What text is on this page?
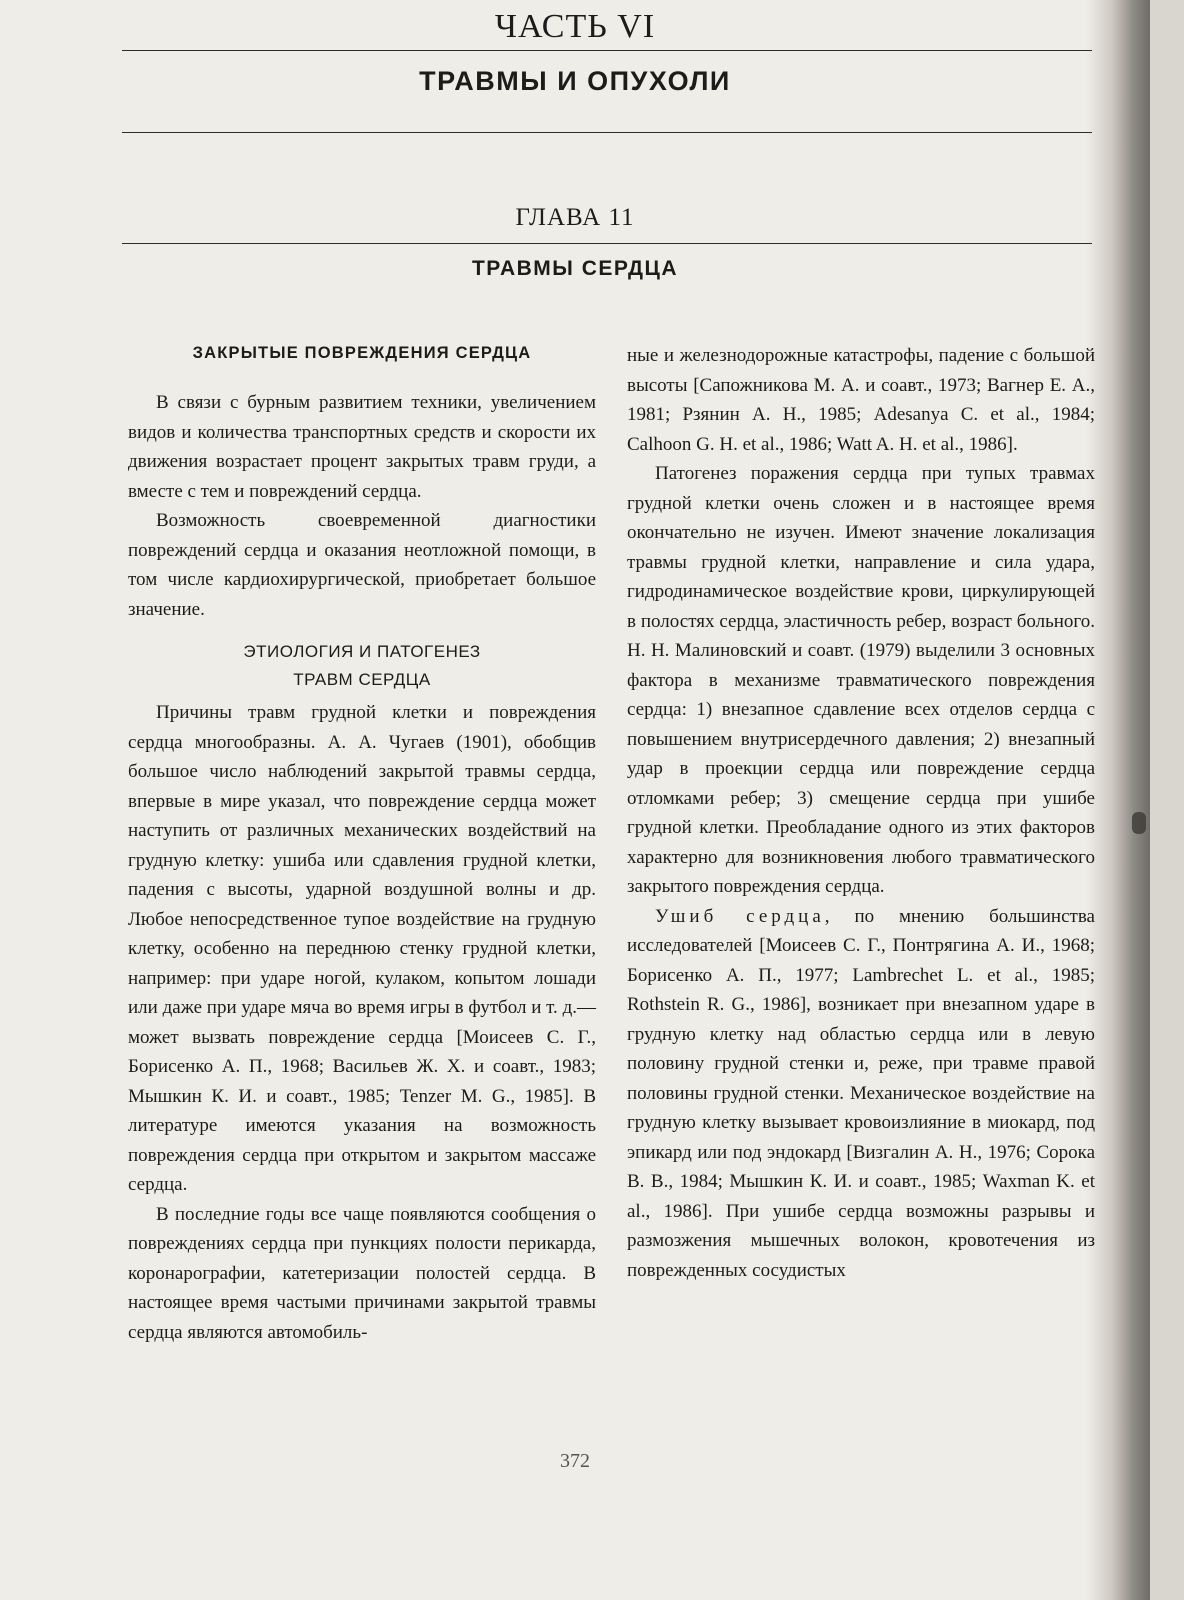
ЧАСТЬ VI
ТРАВМЫ И ОПУХОЛИ
ГЛАВА 11
ТРАВМЫ СЕРДЦА
ЗАКРЫТЫЕ ПОВРЕЖДЕНИЯ СЕРДЦА

В связи с бурным развитием техники, увеличением видов и количества транспортных средств и скорости их движения возрастает процент закрытых травм груди, а вместе с тем и повреждений сердца.

Возможность своевременной диагностики повреждений сердца и оказания неотложной помощи, в том числе кардиохирургической, приобретает большое значение.

ЭТИОЛОГИЯ И ПАТОГЕНЕЗ
ТРАВМ СЕРДЦА

Причины травм грудной клетки и повреждения сердца многообразны. А. А. Чугаев (1901), обобщив большое число наблюдений закрытой травмы сердца, впервые в мире указал, что повреждение сердца может наступить от различных механических воздействий на грудную клетку: ушиба или сдавления грудной клетки, падения с высоты, ударной воздушной волны и др. Любое непосредственное тупое воздействие на грудную клетку, особенно на переднюю стенку грудной клетки, например: при ударе ногой, кулаком, копытом лошади или даже при ударе мяча во время игры в футбол и т. д.— может вызвать повреждение сердца [Моисеев С. Г., Борисенко А. П., 1968; Васильев Ж. Х. и соавт., 1983; Мышкин К. И. и соавт., 1985; Tenzer M. G., 1985]. В литературе имеются указания на возможность повреждения сердца при открытом и закрытом массаже сердца.

В последние годы все чаще появляются сообщения о повреждениях сердца при пункциях полости перикарда, коронарографии, катетеризации полостей сердца. В настоящее время частыми причинами закрытой травмы сердца являются автомобиль-

ные и железнодорожные катастрофы, падение с большой высоты [Сапожникова М. А. и соавт., 1973; Вагнер Е. А., 1981; Рзянин А. Н., 1985; Adesanya C. et al., 1984; Calhoon G. H. et al., 1986; Watt A. H. et al., 1986].

Патогенез поражения сердца при тупых травмах грудной клетки очень сложен и в настоящее время окончательно не изучен. Имеют значение локализация травмы грудной клетки, направление и сила удара, гидродинамическое воздействие крови, циркулирующей в полостях сердца, эластичность ребер, возраст больного. Н. Н. Малиновский и соавт. (1979) выделили 3 основных фактора в механизме травматического повреждения сердца: 1) внезапное сдавление всех отделов сердца с повышением внутрисердечного давления; 2) внезапный удар в проекции сердца или повреждение сердца отломками ребер; 3) смещение сердца при ушибе грудной клетки. Преобладание одного из этих факторов характерно для возникновения любого травматического закрытого повреждения сердца.

Ушиб сердца, по мнению большинства исследователей [Моисеев С. Г., Понтрягина А. И., 1968; Борисенко А. П., 1977; Lambrechet L. et al., 1985; Rothstein R. G., 1986], возникает при внезапном ударе в грудную клетку над областью сердца или в левую половину грудной стенки и, реже, при травме правой половины грудной стенки. Механическое воздействие на грудную клетку вызывает кровоизлияние в миокард, под эпикард или под эндокард [Визгалин А. Н., 1976; Сорока В. В., 1984; Мышкин К. И. и соавт., 1985; Waxman K. et al., 1986]. При ушибе сердца возможны разрывы и размозжения мышечных волокон, кровотечения из поврежденных сосудистых

372
